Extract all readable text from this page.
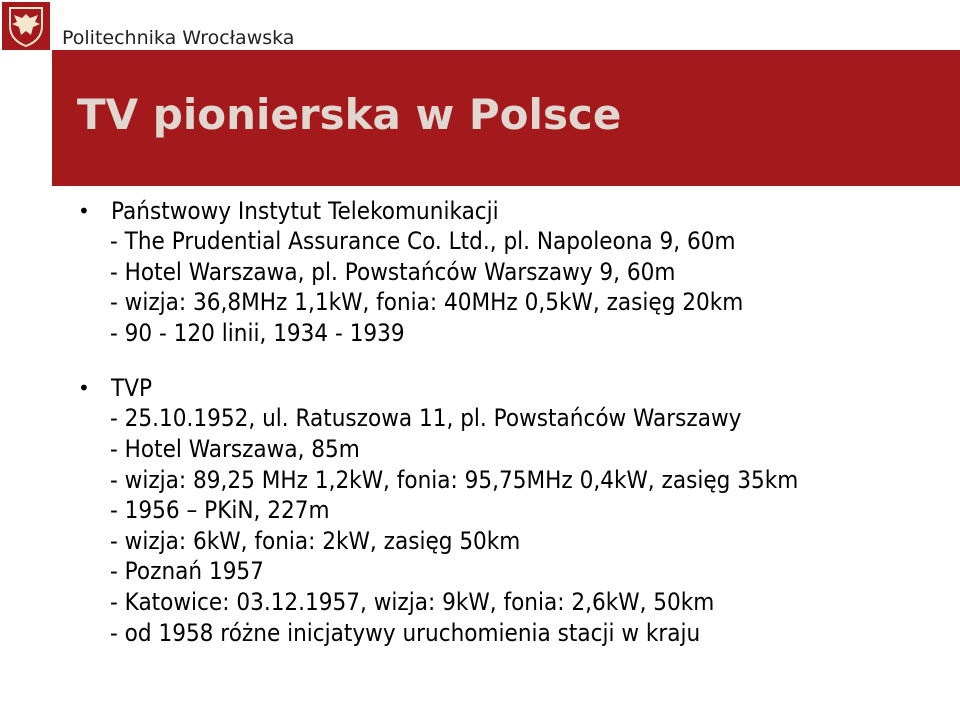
Politechnika Wrocławska
TV pionierska w Polsce
• Państwowy Instytut Telekomunikacji
- The Prudential Assurance Co. Ltd., pl. Napoleona 9, 60m
- Hotel Warszawa, pl. Powstańców Warszawy 9, 60m
- wizja: 36,8MHz 1,1kW, fonia: 40MHz 0,5kW, zasięg 20km
- 90 - 120 linii, 1934 - 1939
• TVP
- 25.10.1952, ul. Ratuszowa 11, pl. Powstańców Warszawy
- Hotel Warszawa, 85m
- wizja: 89,25 MHz 1,2kW, fonia: 95,75MHz 0,4kW, zasięg 35km
- 1956 – PKiN, 227m
- wizja: 6kW, fonia: 2kW, zasięg 50km
- Poznań 1957
- Katowice: 03.12.1957, wizja: 9kW, fonia: 2,6kW, 50km
- od 1958 różne inicjatywy uruchomienia stacji w kraju
